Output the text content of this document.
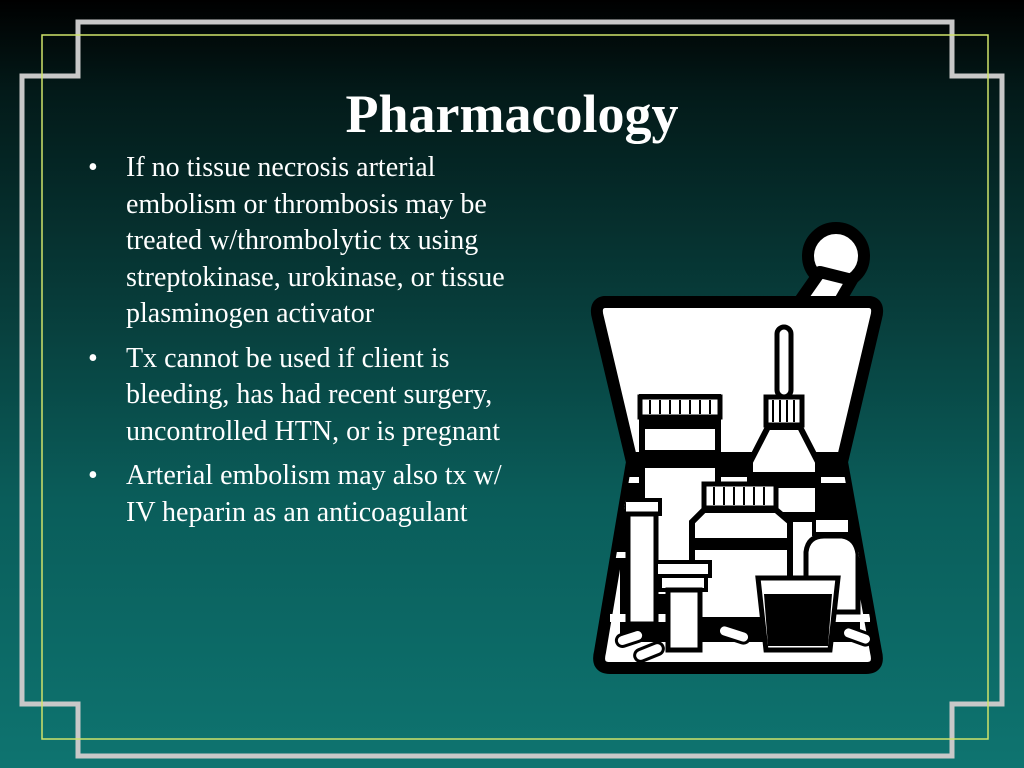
Pharmacology
• If no tissue necrosis arterial embolism or thrombosis may be treated w/thrombolytic tx using streptokinase, urokinase, or tissue plasminogen activator
• Tx cannot be used if client is bleeding, has had recent surgery, uncontrolled HTN, or is pregnant
• Arterial embolism may also tx w/ IV heparin as an anticoagulant
